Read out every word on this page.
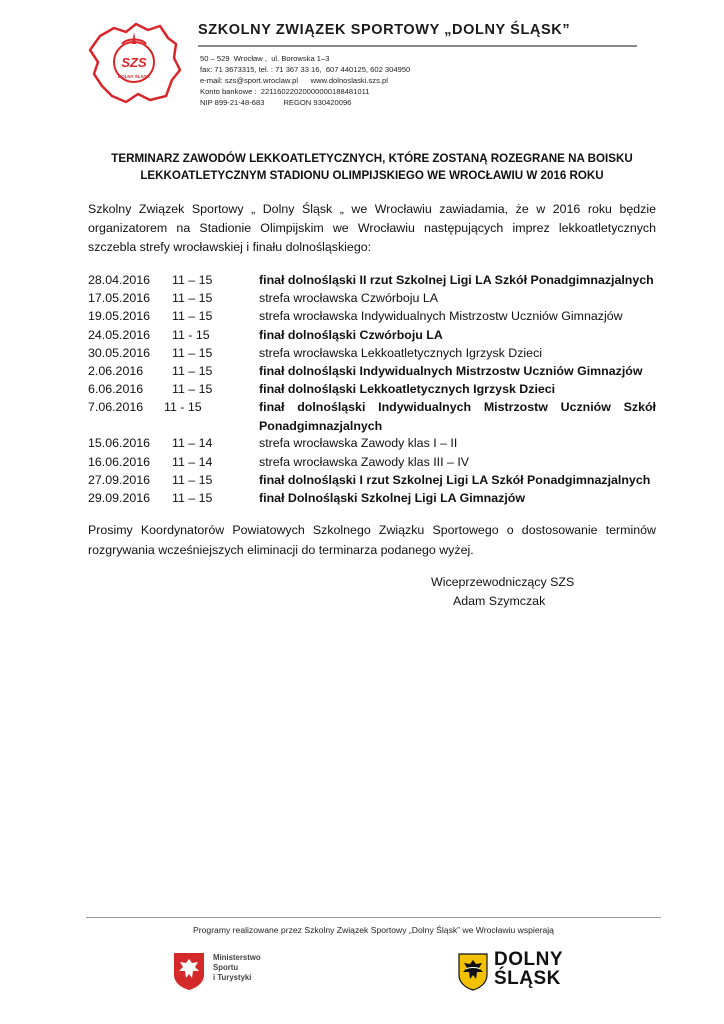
SZS
DOLNY ŚLĄSK
SZKOLNY ZWIĄZEK SPORTOWY „DOLNY ŚLĄSK”
50 – 529  Wrocław ,  ul. Borowska 1–3
fax: 71 3673315, tel. : 71 367 33 16,  607 440125, 602 304950
e-mail: szs@sport.wroclaw.pl      www.dolnoslaski.szs.pl
Konto bankowe :  22116022020000000188481011
NIP 899-21-48-683         REGON 930420096
TERMINARZ ZAWODÓW LEKKOATLETYCZNYCH, KTÓRE ZOSTANĄ ROZEGRANE NA BOISKU
LEKKOATLETYCZNYM STADIONU OLIMPIJSKIEGO WE WROCŁAWIU W 2016 ROKU
Szkolny Związek Sportowy „ Dolny Śląsk „ we Wrocławiu zawiadamia, że w 2016 roku będzie organizatorem na Stadionie Olimpijskim we Wrocławiu następujących imprez lekkoatletycznych szczebla strefy wrocławskiej i finału dolnośląskiego:
28.04.2016 11 – 15	finał dolnośląski II rzut Szkolnej Ligi LA Szkół Ponadgimnazjalnych
17.05.2016 11 – 15	strefa wrocławska Czwórboju LA
19.05.2016 11 – 15	strefa wrocławska Indywidualnych Mistrzostw Uczniów Gimnazjów
24.05.2016 11 - 15	finał dolnośląski Czwórboju LA
30.05.2016 11 – 15	strefa wrocławska Lekkoatletycznych Igrzysk Dzieci
2.06.2016 11 – 15	finał dolnośląski Indywidualnych Mistrzostw Uczniów Gimnazjów
6.06.2016 11 – 15	finał dolnośląski Lekkoatletycznych Igrzysk Dzieci
7.06.2016 11 - 15	finał dolnośląski Indywidualnych Mistrzostw Uczniów Szkół
Ponadgimnazjalnych
15.06.2016 11 – 14	strefa wrocławska Zawody klas I – II
16.06.2016 11 – 14	strefa wrocławska Zawody klas III – IV
27.09.2016 11 – 15	finał dolnośląski I rzut Szkolnej Ligi LA Szkół Ponadgimnazjalnych
29.09.2016 11 – 15	finał Dolnośląski Szkolnej Ligi LA Gimnazjów
Prosimy Koordynatorów Powiatowych Szkolnego Związku Sportowego o dostosowanie terminów rozgrywania wcześniejszych eliminacji do terminarza podanego wyżej.
Wiceprzewodniczący SZS
Adam Szymczak
Programy realizowane przez Szkolny Związek Sportowy „Dolny Śląsk” we Wrocławiu wspierają
Ministerstwo
Sportu
i Turystyki
DOLNY
ŚLĄSK
